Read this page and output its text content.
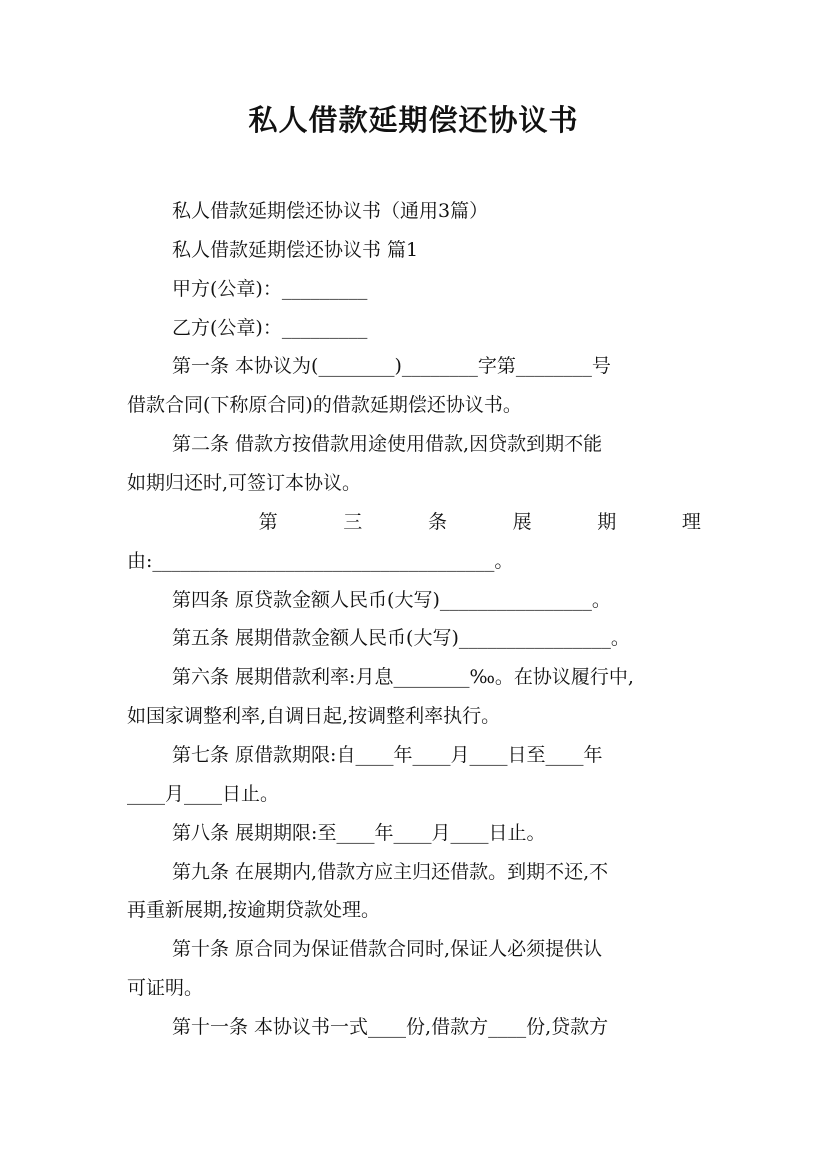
私人借款延期偿还协议书
私人借款延期偿还协议书（通用3篇）
私人借款延期偿还协议书 篇1
甲方(公章)：_________
乙方(公章)：_________
第一条 本协议为(________)________字第________号
借款合同(下称原合同)的借款延期偿还协议书。
第二条 借款方按借款用途使用借款,因贷款到期不能
如期归还时,可签订本协议。
第	三	条	展	期	理
由:____________________________________。
第四条 原贷款金额人民币(大写)________________。
第五条 展期借款金额人民币(大写)________________。
第六条 展期借款利率:月息________‰。在协议履行中,
如国家调整利率,自调日起,按调整利率执行。
第七条 原借款期限:自____年____月____日至____年
____月____日止。
第八条 展期期限:至____年____月____日止。
第九条 在展期内,借款方应主归还借款。到期不还,不
再重新展期,按逾期贷款处理。
第十条 原合同为保证借款合同时,保证人必须提供认
可证明。
第十一条 本协议书一式____份,借款方____份,贷款方
